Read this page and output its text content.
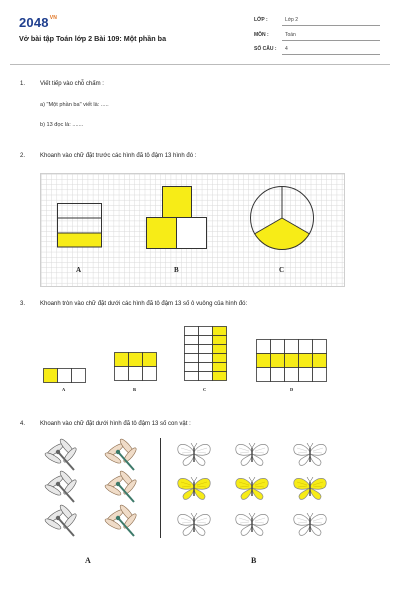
$2048^{VN}$
Vở bài tập Toán lớp 2 Bài 109: Một phần ba
LỚP :	Lớp 2
MÔN :	Toán
SỐ CÂU : 4
1. Viết tiếp vào chỗ chấm :
a) "Một phần ba" viết là: .....
b) 13 đọc là: .......
2. Khoanh vào chữ đặt trước các hình đã tô đậm 13 hình đó :
A	B	C
3. Khoanh tròn vào chữ đặt dưới các hình đã tô đậm 13 số ô vuông của hình đó:
A	B	C	D
4. Khoanh vào chữ đặt dưới hình đã tô đậm 13 số con vật :
A	B
